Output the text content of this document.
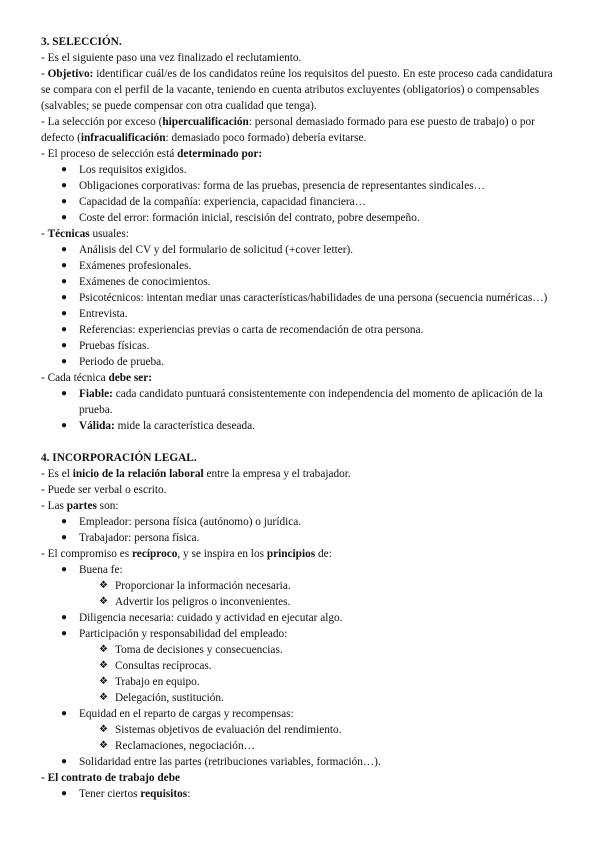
3. SELECCIÓN.
- Es el siguiente paso una vez finalizado el reclutamiento.
- Objetivo: identificar cuál/es de los candidatos reúne los requisitos del puesto. En este proceso cada candidatura se compara con el perfil de la vacante, teniendo en cuenta atributos excluyentes (obligatorios) o compensables (salvables; se puede compensar con otra cualidad que tenga).
- La selección por exceso (hipercualificación: personal demasiado formado para ese puesto de trabajo) o por defecto (infracualificación: demasiado poco formado) debería evitarse.
- El proceso de selección está determinado por:
● Los requisitos exigidos.
● Obligaciones corporativas: forma de las pruebas, presencia de representantes sindicales…
● Capacidad de la compañía: experiencia, capacidad financiera…
● Coste del error: formación inicial, rescisión del contrato, pobre desempeño.
- Técnicas usuales:
● Análisis del CV y del formulario de solicitud (+cover letter).
● Exámenes profesionales.
● Exámenes de conocimientos.
● Psicotécnicos: intentan mediar unas características/habilidades de una persona (secuencia numéricas…)
● Entrevista.
● Referencias: experiencias previas o carta de recomendación de otra persona.
● Pruebas físicas.
● Periodo de prueba.
- Cada técnica debe ser:
● Fiable: cada candidato puntuará consistentemente con independencia del momento de aplicación de la prueba.
● Válida: mide la característica deseada.
4. INCORPORACIÓN LEGAL.
- Es el inicio de la relación laboral entre la empresa y el trabajador.
- Puede ser verbal o escrito.
- Las partes son:
● Empleador: persona física (autónomo) o jurídica.
● Trabajador: persona física.
- El compromiso es recíproco, y se inspira en los principios de:
● Buena fe:
❖ Proporcionar la información necesaria.
❖ Advertir los peligros o inconvenientes.
● Diligencia necesaria: cuidado y actividad en ejecutar algo.
● Participación y responsabilidad del empleado:
❖ Toma de decisiones y consecuencias.
❖ Consultas recíprocas.
❖ Trabajo en equipo.
❖ Delegación, sustitución.
● Equidad en el reparto de cargas y recompensas:
❖ Sistemas objetivos de evaluación del rendimiento.
❖ Reclamaciones, negociación…
● Solidaridad entre las partes (retribuciones variables, formación…).
- El contrato de trabajo debe
● Tener ciertos requisitos:
